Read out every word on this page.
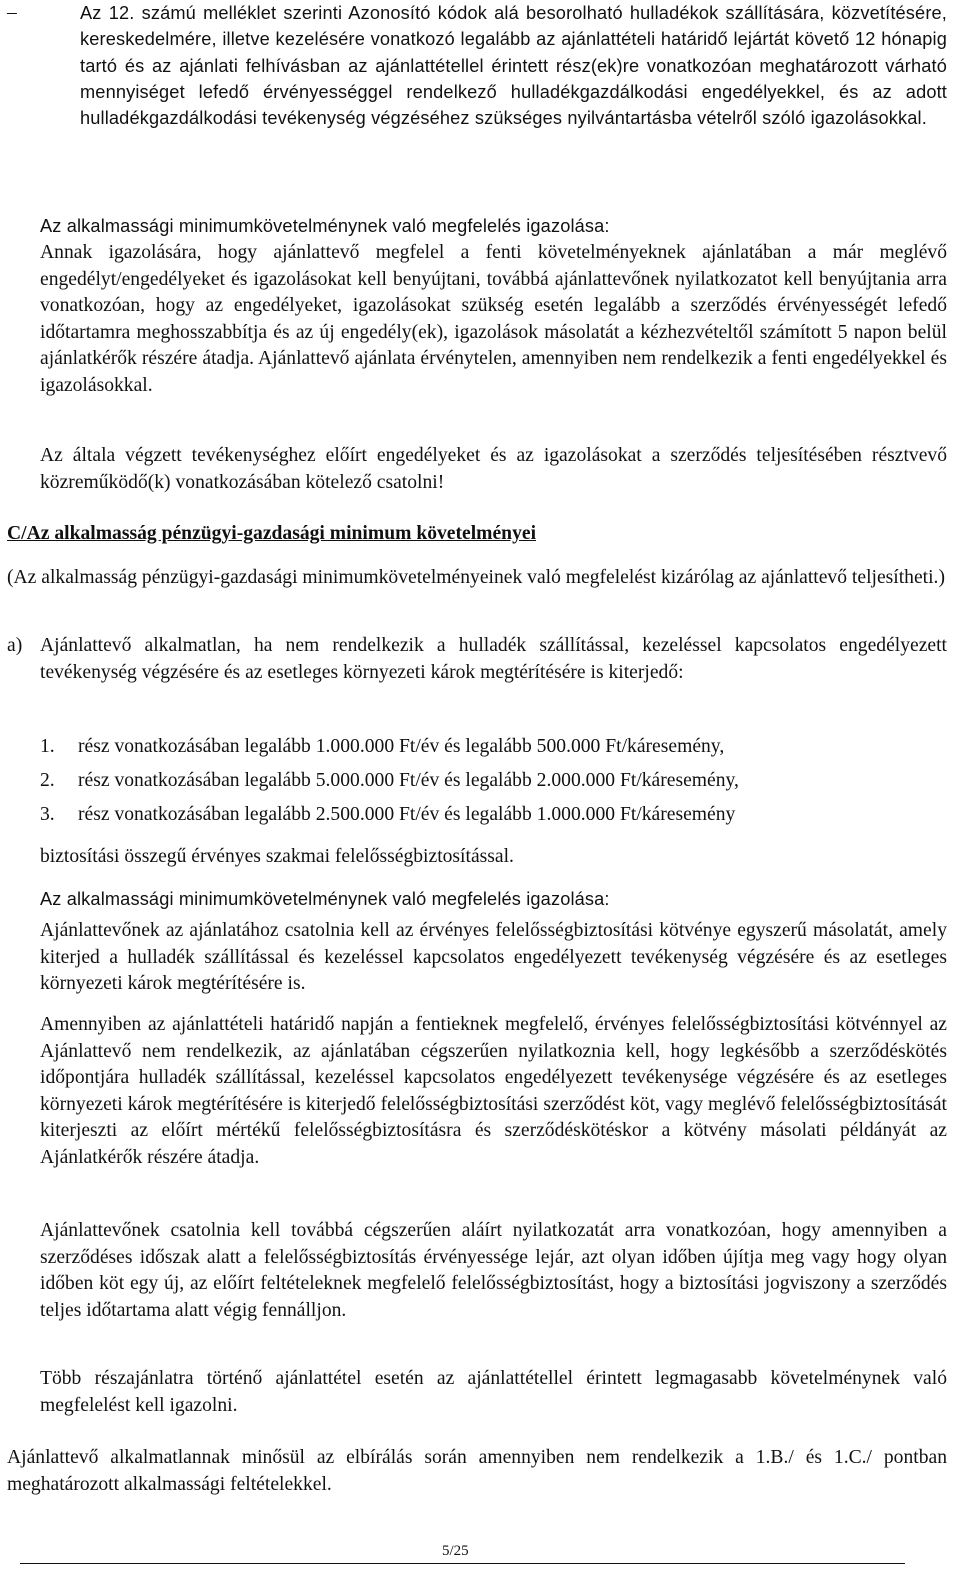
–	Az 12. számú melléklet szerinti Azonosító kódok alá besorolható hulladékok szállítására, közvetítésére, kereskedelmére, illetve kezelésére vonatkozó legalább az ajánlattételi határidő lejártát követő 12 hónapig tartó és az ajánlati felhívásban az ajánlattétellel érintett rész(ek)re vonatkozóan meghatározott várható mennyiséget lefedő érvényességgel rendelkező hulladékgazdálkodási engedélyekkel, és az adott hulladékgazdálkodási tevékenység végzéséhez szükséges nyilvántartásba vételről szóló igazolásokkal.

Az alkalmassági minimumkövetelménynek való megfelelés igazolása:

Annak igazolására, hogy ajánlattevő megfelel a fenti követelményeknek ajánlatában a már meglévő engedélyt/engedélyeket és igazolásokat kell benyújtani, továbbá ajánlattevőnek nyilatkozatot kell benyújtania arra vonatkozóan, hogy az engedélyeket, igazolásokat szükség esetén legalább a szerződés érvényességét lefedő időtartamra meghosszabbítja és az új engedély(ek), igazolások másolatát a kézhezvételtől számított 5 napon belül ajánlatkérők részére átadja. Ajánlattevő ajánlata érvénytelen, amennyiben nem rendelkezik a fenti engedélyekkel és igazolásokkal.

Az általa végzett tevékenységhez előírt engedélyeket és az igazolásokat a szerződés teljesítésében résztvevő közreműködő(k) vonatkozásában kötelező csatolni!

C/Az alkalmasság pénzügyi-gazdasági minimum követelményei

(Az alkalmasság pénzügyi-gazdasági minimumkövetelményeinek való megfelelést kizárólag az ajánlattevő teljesítheti.)

a) Ajánlattevő alkalmatlan, ha nem rendelkezik a hulladék szállítással, kezeléssel kapcsolatos engedélyezett tevékenység végzésére és az esetleges környezeti károk megtérítésére is kiterjedő:

1. rész vonatkozásában legalább 1.000.000 Ft/év és legalább 500.000 Ft/káresemény,
2. rész vonatkozásában legalább 5.000.000 Ft/év és legalább 2.000.000 Ft/káresemény,
3. rész vonatkozásában legalább 2.500.000 Ft/év és legalább 1.000.000 Ft/káresemény

biztosítási összegű érvényes szakmai felelősségbiztosítással.

Az alkalmassági minimumkövetelménynek való megfelelés igazolása:

Ajánlattevőnek az ajánlatához csatolnia kell az érvényes felelősségbiztosítási kötvénye egyszerű másolatát, amely kiterjed a hulladék szállítással és kezeléssel kapcsolatos engedélyezett tevékenység végzésére és az esetleges környezeti károk megtérítésére is.

Amennyiben az ajánlattételi határidő napján a fentieknek megfelelő, érvényes felelősségbiztosítási kötvénnyel az Ajánlattevő nem rendelkezik, az ajánlatában cégszerűen nyilatkoznia kell, hogy legkésőbb a szerződéskötés időpontjára hulladék szállítással, kezeléssel kapcsolatos engedélyezett tevékenysége végzésére és az esetleges környezeti károk megtérítésére is kiterjedő felelősségbiztosítási szerződést köt, vagy meglévő felelősségbiztosítását kiterjeszti az előírt mértékű felelősségbiztosításra és szerződéskötéskor a kötvény másolati példányát az Ajánlatkérők részére átadja.

Ajánlattevőnek csatolnia kell továbbá cégszerűen aláírt nyilatkozatát arra vonatkozóan, hogy amennyiben a szerződéses időszak alatt a felelősségbiztosítás érvényessége lejár, azt olyan időben újítja meg vagy hogy olyan időben köt egy új, az előírt feltételeknek megfelelő felelősségbiztosítást, hogy a biztosítási jogviszony a szerződés teljes időtartama alatt végig fennálljon.

Több részajánlatra történő ajánlattétel esetén az ajánlattétellel érintett legmagasabb követelménynek való megfelelést kell igazolni.

Ajánlattevő alkalmatlannak minősül az elbírálás során amennyiben nem rendelkezik a 1.B./ és 1.C./ pontban meghatározott alkalmassági feltételekkel.

5/25
